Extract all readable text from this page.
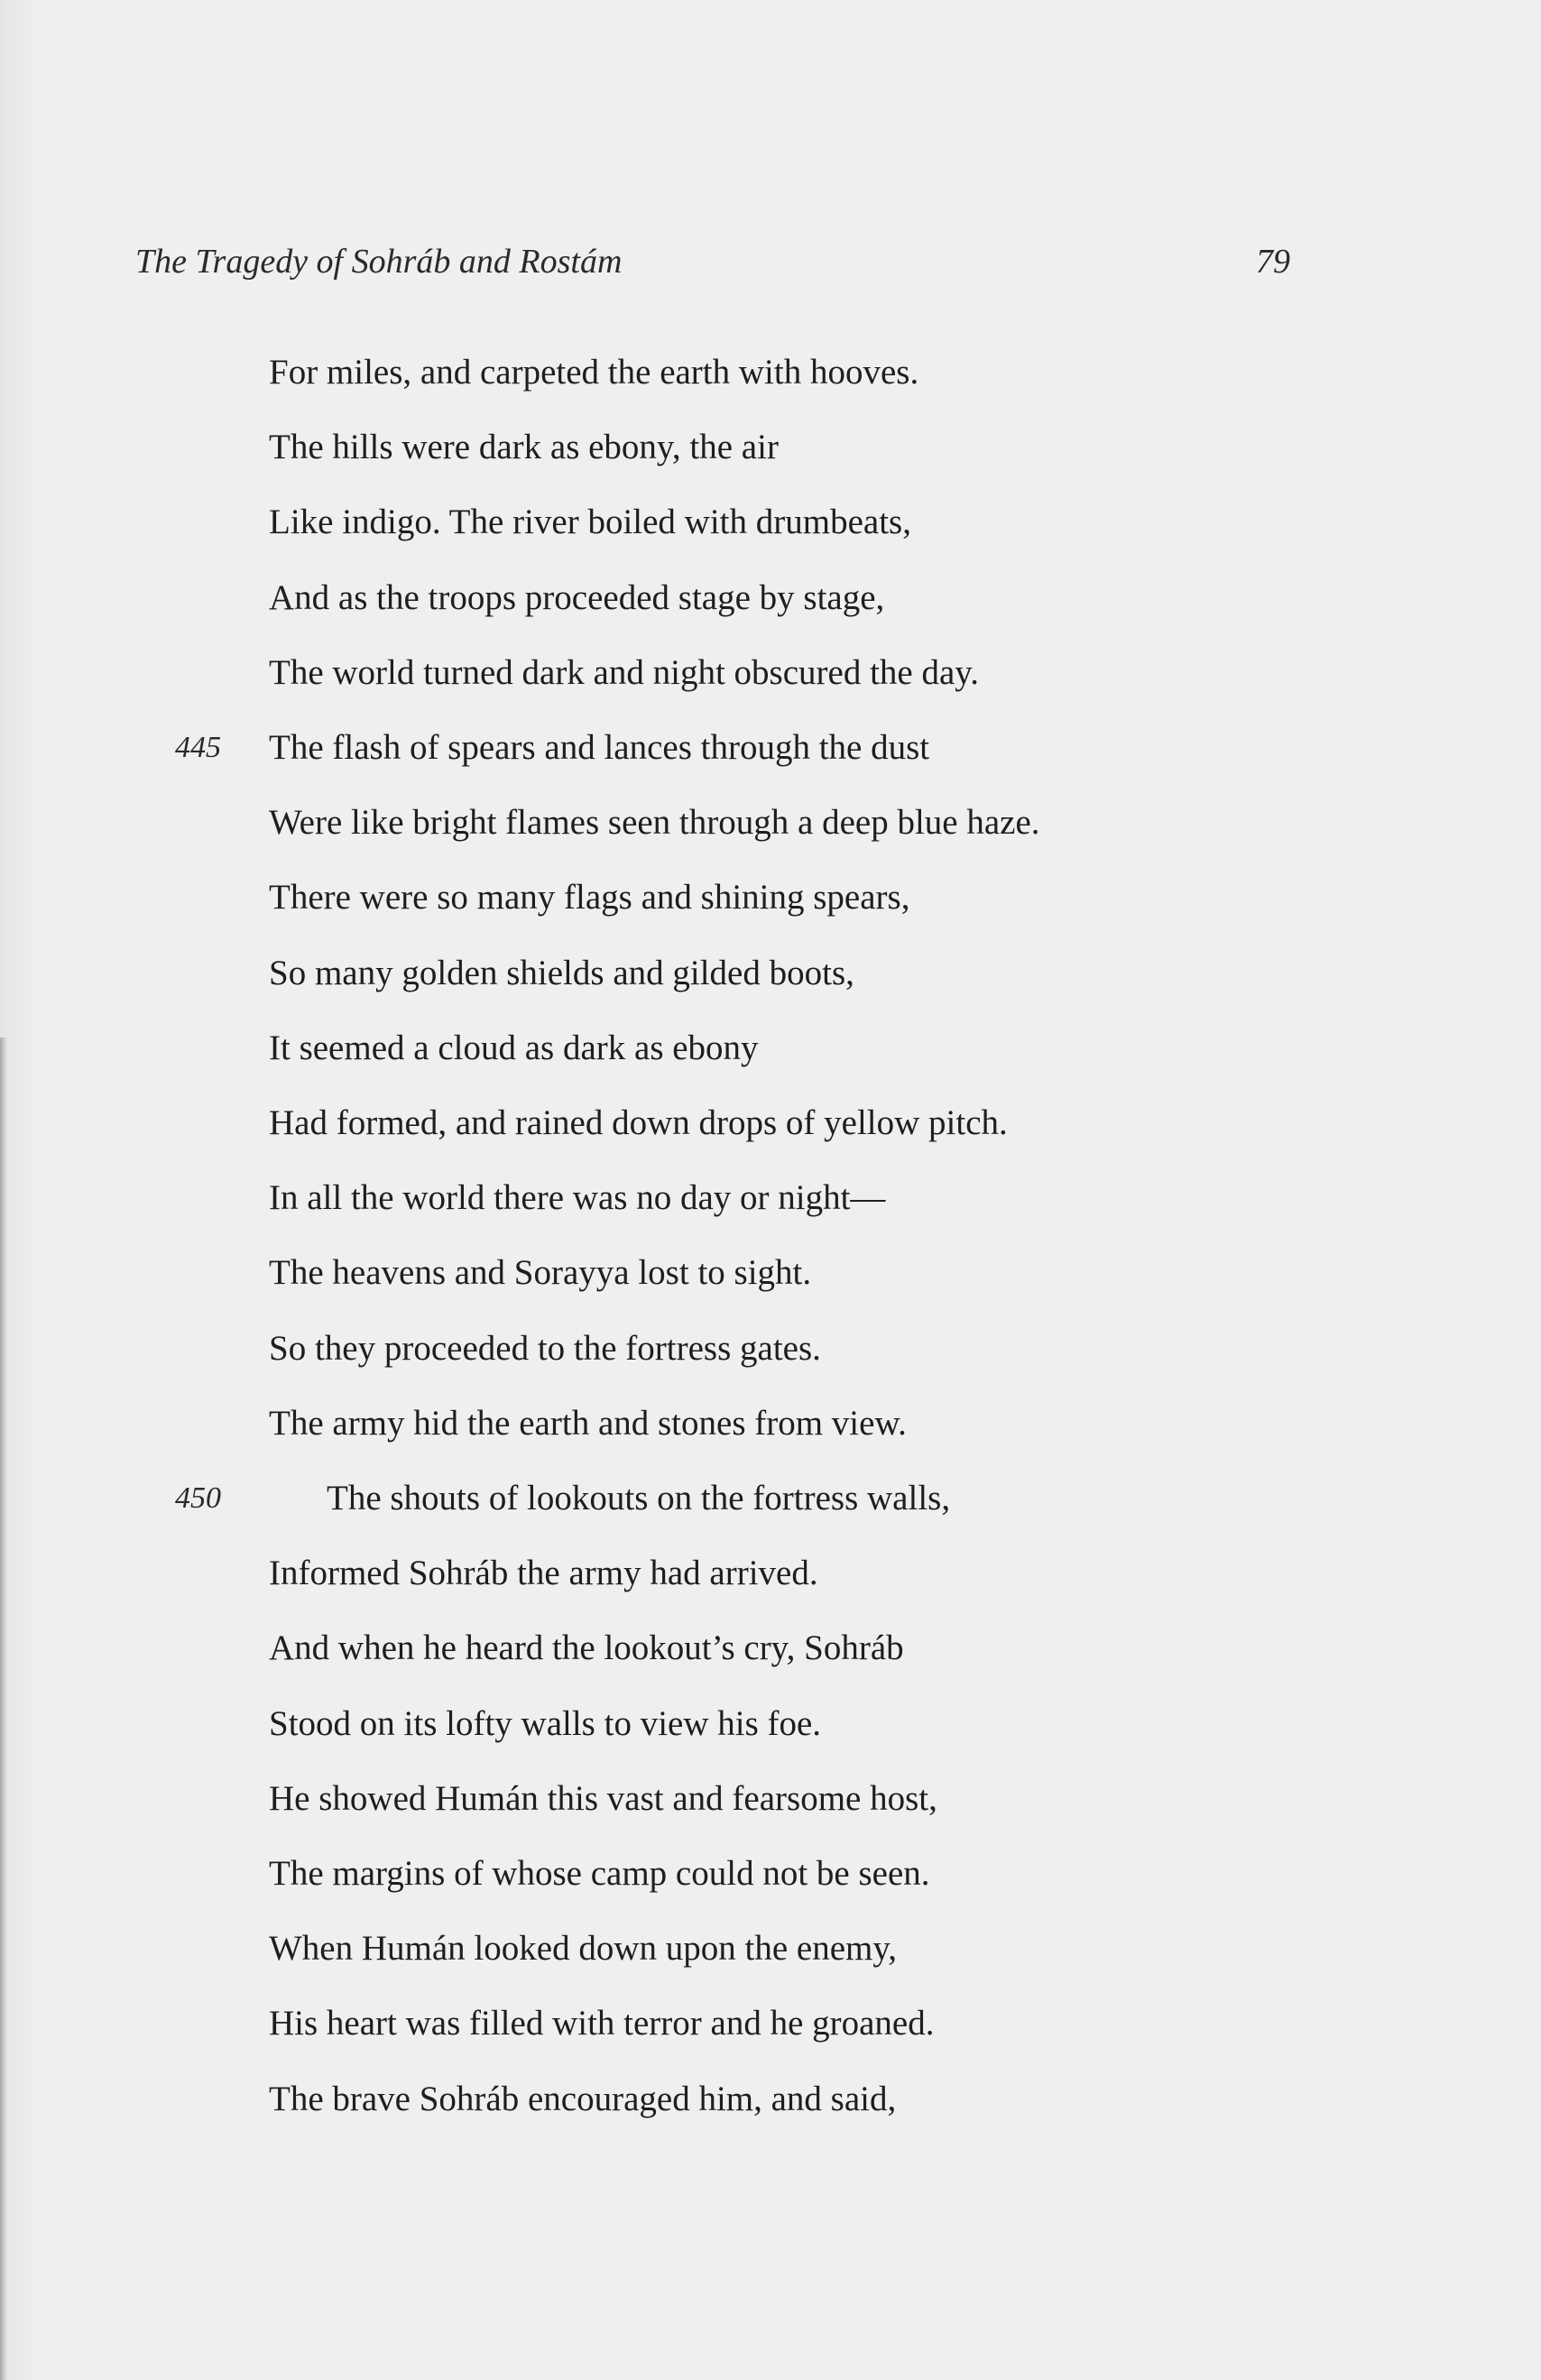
The Tragedy of Sohráb and Rostám	79
For miles, and carpeted the earth with hooves.
The hills were dark as ebony, the air
Like indigo. The river boiled with drumbeats,
And as the troops proceeded stage by stage,
The world turned dark and night obscured the day.
445 The flash of spears and lances through the dust
Were like bright flames seen through a deep blue haze.
There were so many flags and shining spears,
So many golden shields and gilded boots,
It seemed a cloud as dark as ebony
Had formed, and rained down drops of yellow pitch.
In all the world there was no day or night—
The heavens and Sorayya lost to sight.
So they proceeded to the fortress gates.
The army hid the earth and stones from view.
450	The shouts of lookouts on the fortress walls,
Informed Sohráb the army had arrived.
And when he heard the lookout’s cry, Sohráb
Stood on its lofty walls to view his foe.
He showed Humán this vast and fearsome host,
The margins of whose camp could not be seen.
When Humán looked down upon the enemy,
His heart was filled with terror and he groaned.
The brave Sohráb encouraged him, and said,
